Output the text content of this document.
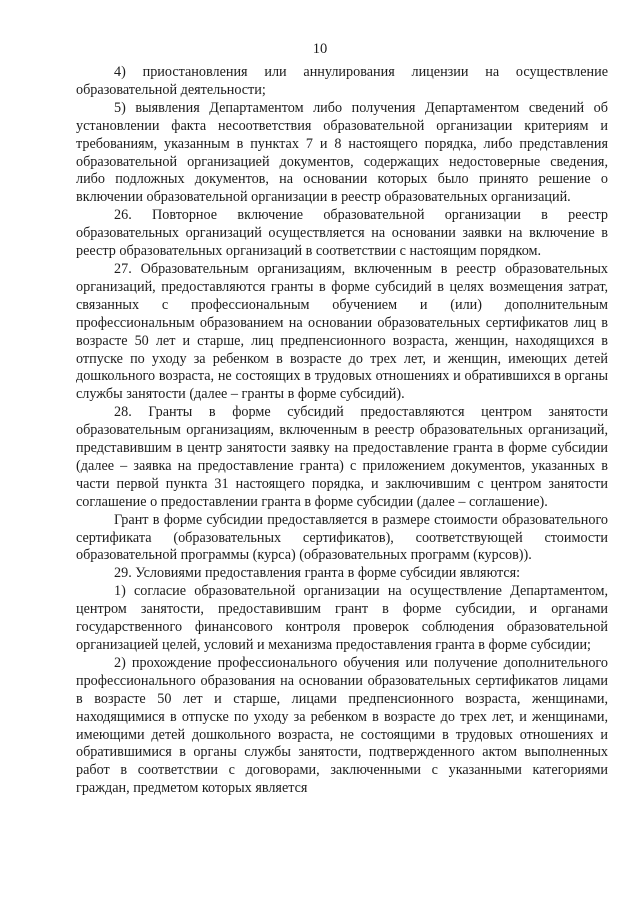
10

4) приостановления или аннулирования лицензии на осуществление образовательной деятельности;

5) выявления Департаментом либо получения Департаментом сведений об установлении факта несоответствия образовательной организации критериям и требованиям, указанным в пунктах 7 и 8 настоящего порядка, либо представления образовательной организацией документов, содержащих недостоверные сведения, либо подложных документов, на основании которых было принято решение о включении образовательной организации в реестр образовательных организаций.

26. Повторное включение образовательной организации в реестр образовательных организаций осуществляется на основании заявки на включение в реестр образовательных организаций в соответствии с настоящим порядком.

27. Образовательным организациям, включенным в реестр образовательных организаций, предоставляются гранты в форме субсидий в целях возмещения затрат, связанных с профессиональным обучением и (или) дополнительным профессиональным образованием на основании образовательных сертификатов лиц в возрасте 50 лет и старше, лиц предпенсионного возраста, женщин, находящихся в отпуске по уходу за ребенком в возрасте до трех лет, и женщин, имеющих детей дошкольного возраста, не состоящих в трудовых отношениях и обратившихся в органы службы занятости (далее – гранты в форме субсидий).

28. Гранты в форме субсидий предоставляются центром занятости образовательным организациям, включенным в реестр образовательных организаций, представившим в центр занятости заявку на предоставление гранта в форме субсидии (далее – заявка на предоставление гранта) с приложением документов, указанных в части первой пункта 31 настоящего порядка, и заключившим с центром занятости соглашение о предоставлении гранта в форме субсидии (далее – соглашение).

Грант в форме субсидии предоставляется в размере стоимости образовательного сертификата (образовательных сертификатов), соответствующей стоимости образовательной программы (курса) (образовательных программ (курсов)).

29. Условиями предоставления гранта в форме субсидии являются:

1) согласие образовательной организации на осуществление Департаментом, центром занятости, предоставившим грант в форме субсидии, и органами государственного финансового контроля проверок соблюдения образовательной организацией целей, условий и механизма предоставления гранта в форме субсидии;

2) прохождение профессионального обучения или получение дополнительного профессионального образования на основании образовательных сертификатов лицами в возрасте 50 лет и старше, лицами предпенсионного возраста, женщинами, находящимися в отпуске по уходу за ребенком в возрасте до трех лет, и женщинами, имеющими детей дошкольного возраста, не состоящими в трудовых отношениях и обратившимися в органы службы занятости, подтвержденного актом выполненных работ в соответствии с договорами, заключенными с указанными категориями граждан, предметом которых является
